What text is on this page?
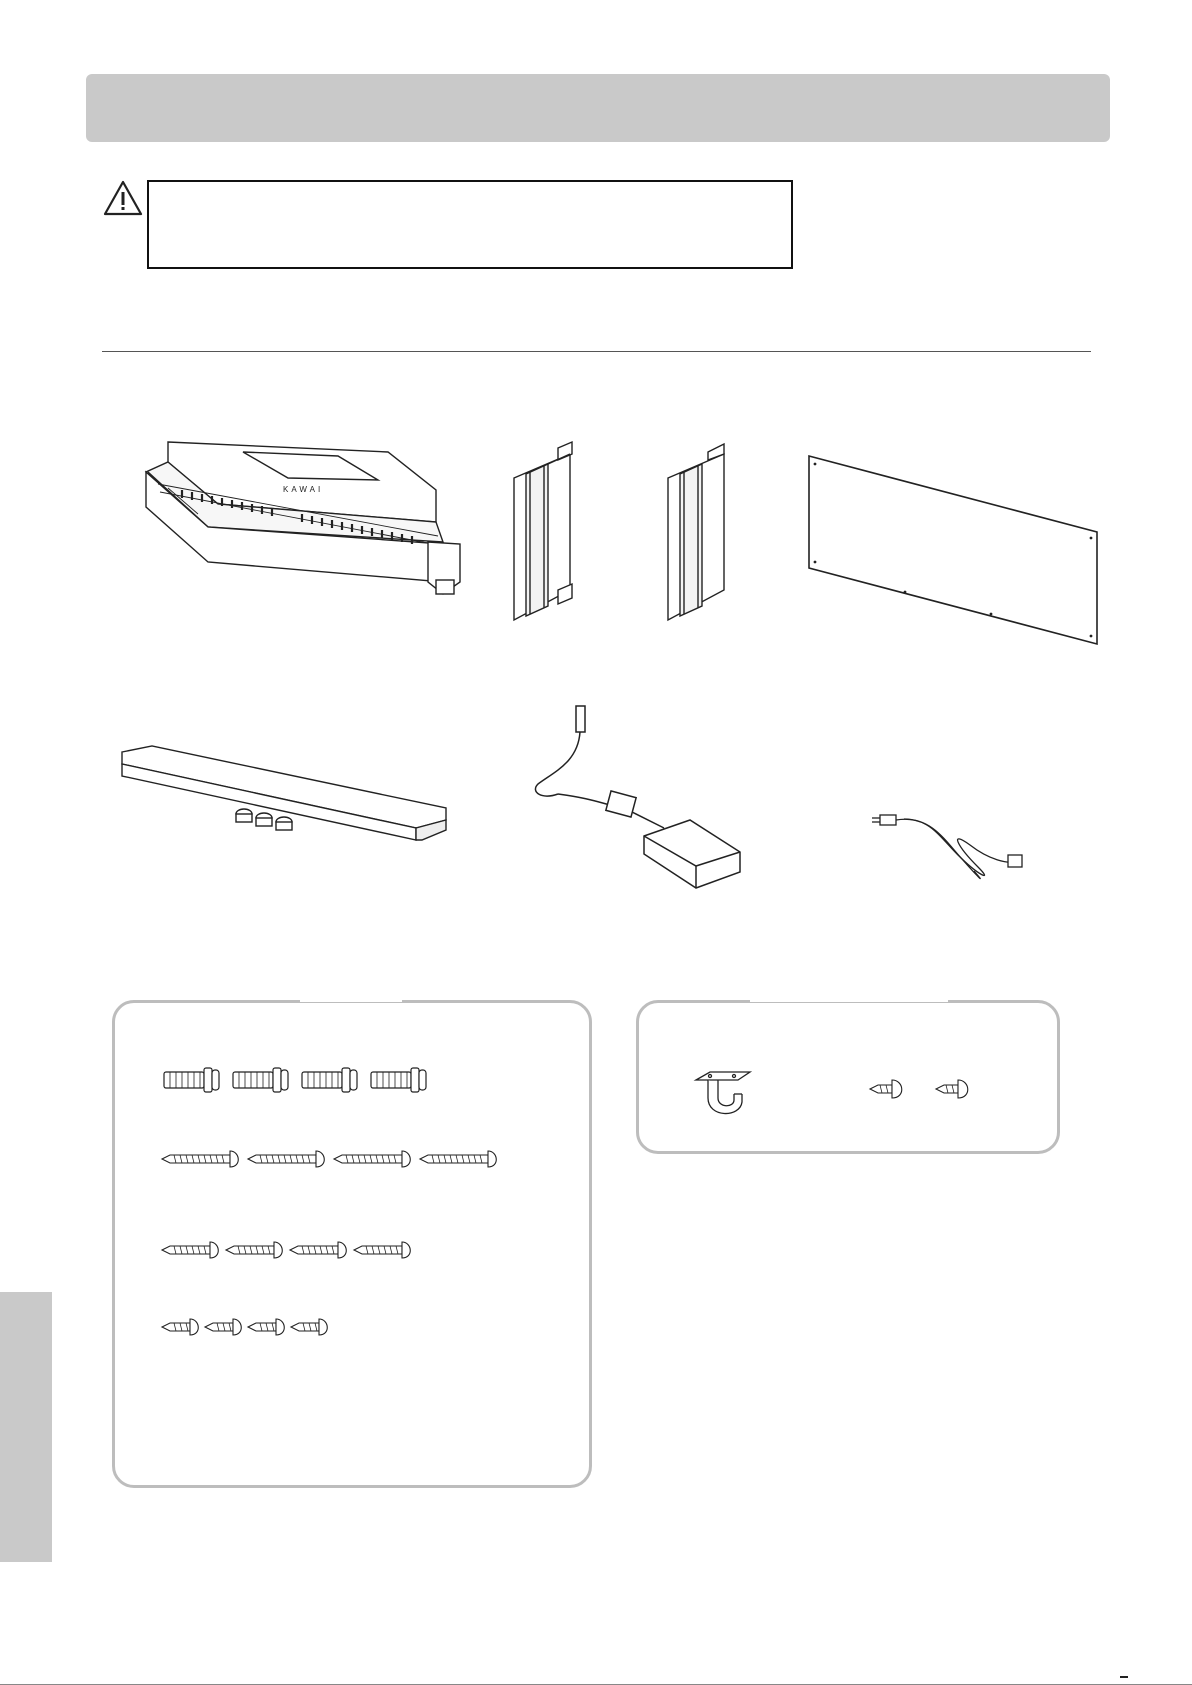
KAWAI
